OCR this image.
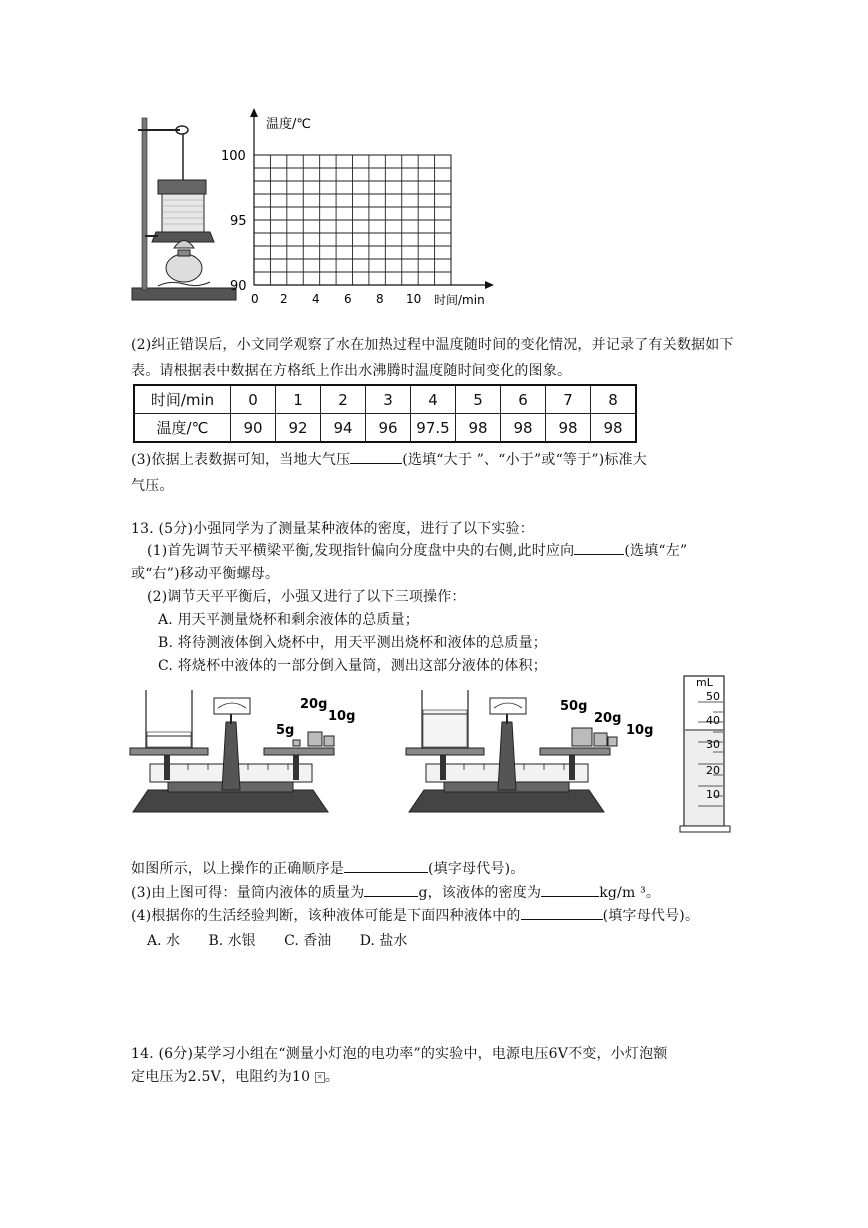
温度/℃
100
95
90
0 2 4 6 8 10 时间/min
(2)纠正错误后，小文同学观察了水在加热过程中温度随时间的变化情况，并记录了有关数据如下表。请根据表中数据在方格纸上作出水沸腾时温度随时间变化的图象。
时间/min	0	1	2	3	4	5	6	7	8
温度/℃	90	92	94	96	97.5	98	98	98	98
(3)依据上表数据可知，当地大气压	(选填“大于 ”、“小于”或“等于”)标准大
气压。
13. (5分)小强同学为了测量某种液体的密度，进行了以下实验：
(1)首先调节天平横梁平衡,发现指针偏向分度盘中央的右侧,此时应向	(选填“左”
或“右”)移动平衡螺母。
(2)调节天平平衡后，小强又进行了以下三项操作：
A. 用天平测量烧杯和剩余液体的总质量；
B. 将待测液体倒入烧杯中，用天平测出烧杯和液体的总质量；
C. 将烧杯中液体的一部分倒入量筒，测出这部分液体的体积；
20g
5g
10g
50g
20g
10g
mL
50
40
30
20
10
如图所示，以上操作的正确顺序是	(填字母代号)。
(3)由上图可得：量筒内液体的质量为	g，该液体的密度为	kg/m ³。
(4)根据你的生活经验判断，该种液体可能是下面四种液体中的	(填字母代号)。
A. 水 B. 水银 C. 香油 D. 盐水
14. (6分)某学习小组在“测量小灯泡的电功率”的实验中，电源电压6V不变，小灯泡额
定电压为2.5V，电阻约为10 ✕ 。
